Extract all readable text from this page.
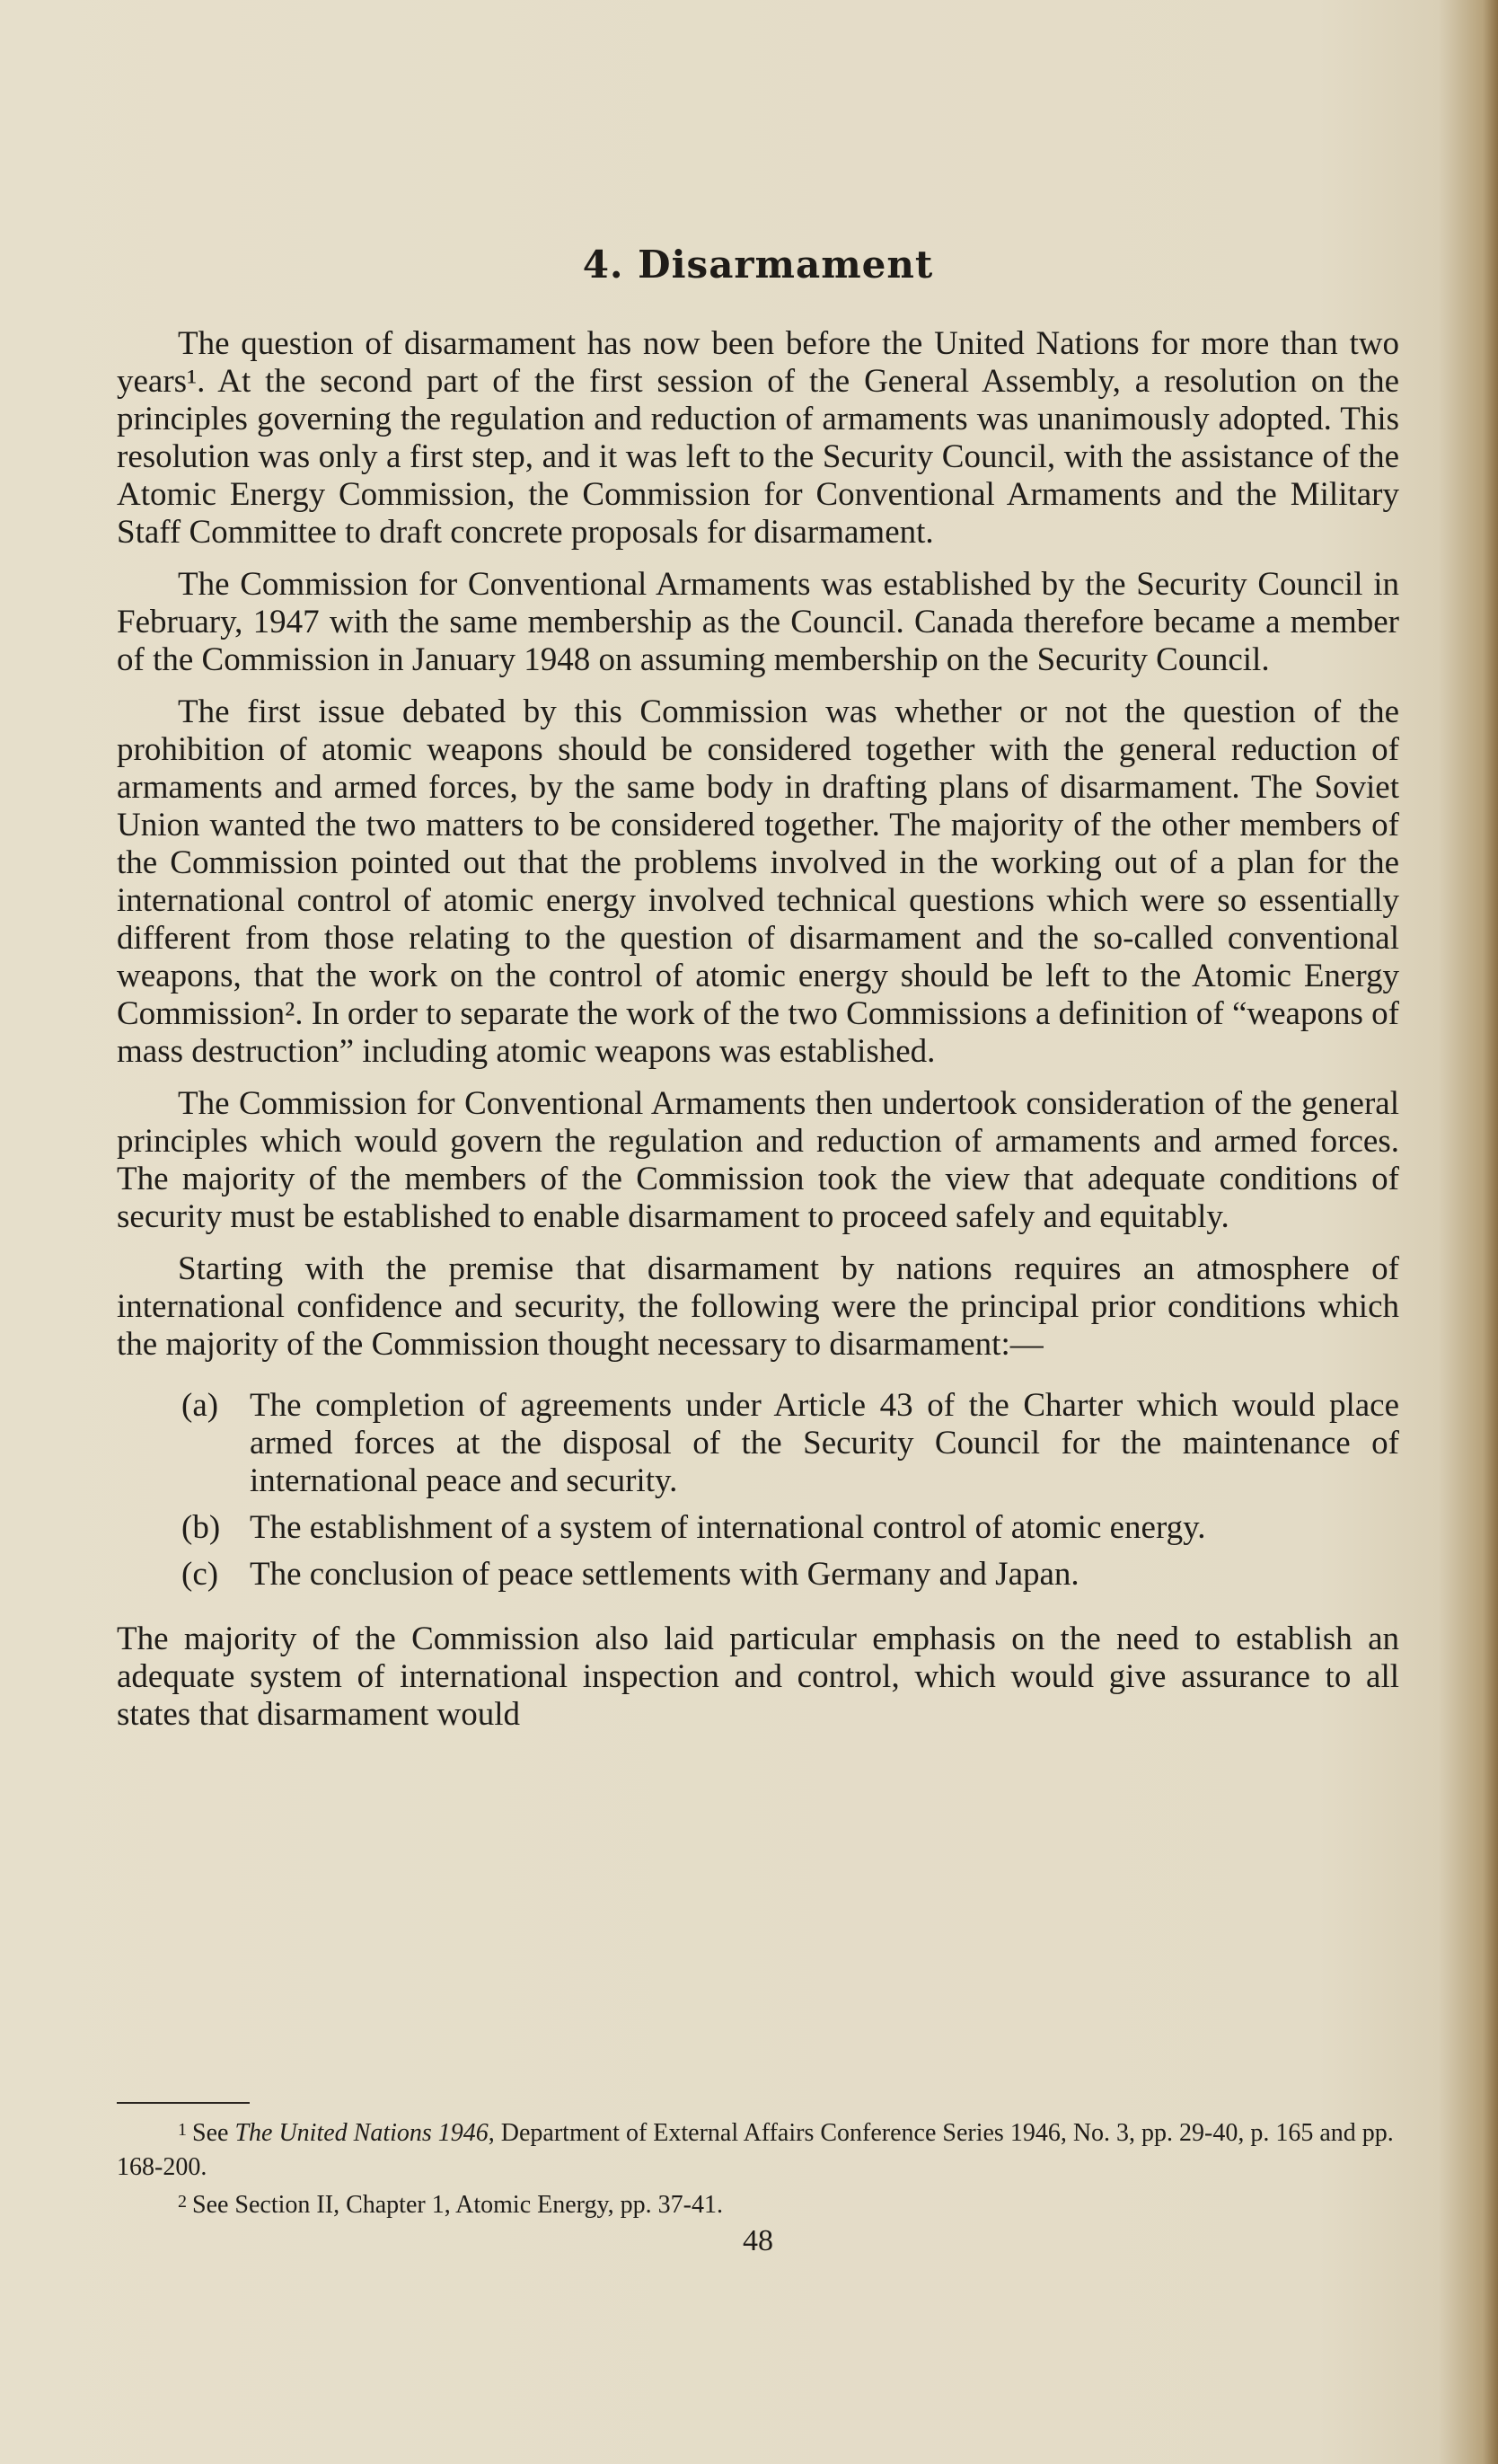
4. Disarmament

The question of disarmament has now been before the United Nations for more than two years¹. At the second part of the first session of the General Assembly, a resolution on the principles governing the regulation and reduction of armaments was unanimously adopted. This resolution was only a first step, and it was left to the Security Council, with the assistance of the Atomic Energy Commission, the Commission for Conventional Armaments and the Military Staff Committee to draft concrete proposals for disarmament.

The Commission for Conventional Armaments was established by the Security Council in February, 1947 with the same membership as the Council. Canada therefore became a member of the Commission in January 1948 on assuming membership on the Security Council.

The first issue debated by this Commission was whether or not the question of the prohibition of atomic weapons should be considered together with the general reduction of armaments and armed forces, by the same body in drafting plans of disarmament. The Soviet Union wanted the two matters to be considered together. The majority of the other members of the Commission pointed out that the problems involved in the working out of a plan for the international control of atomic energy involved technical questions which were so essentially different from those relating to the question of disarmament and the so-called conventional weapons, that the work on the control of atomic energy should be left to the Atomic Energy Commission². In order to separate the work of the two Commissions a definition of “weapons of mass destruction” including atomic weapons was established.

The Commission for Conventional Armaments then undertook consideration of the general principles which would govern the regulation and reduction of armaments and armed forces. The majority of the members of the Commission took the view that adequate conditions of security must be established to enable disarmament to proceed safely and equitably.

Starting with the premise that disarmament by nations requires an atmosphere of international confidence and security, the following were the principal prior conditions which the majority of the Commission thought necessary to disarmament:—

(a) The completion of agreements under Article 43 of the Charter which would place armed forces at the disposal of the Security Council for the maintenance of international peace and security.
(b) The establishment of a system of international control of atomic energy.
(c) The conclusion of peace settlements with Germany and Japan.

The majority of the Commission also laid particular emphasis on the need to establish an adequate system of international inspection and control, which would give assurance to all states that disarmament would

$^1$ See The United Nations 1946, Department of External Affairs Conference Series 1946, No. 3, pp. 29-40, p. 165 and pp. 168-200.

$^2$ See Section II, Chapter 1, Atomic Energy, pp. 37-41.

48
